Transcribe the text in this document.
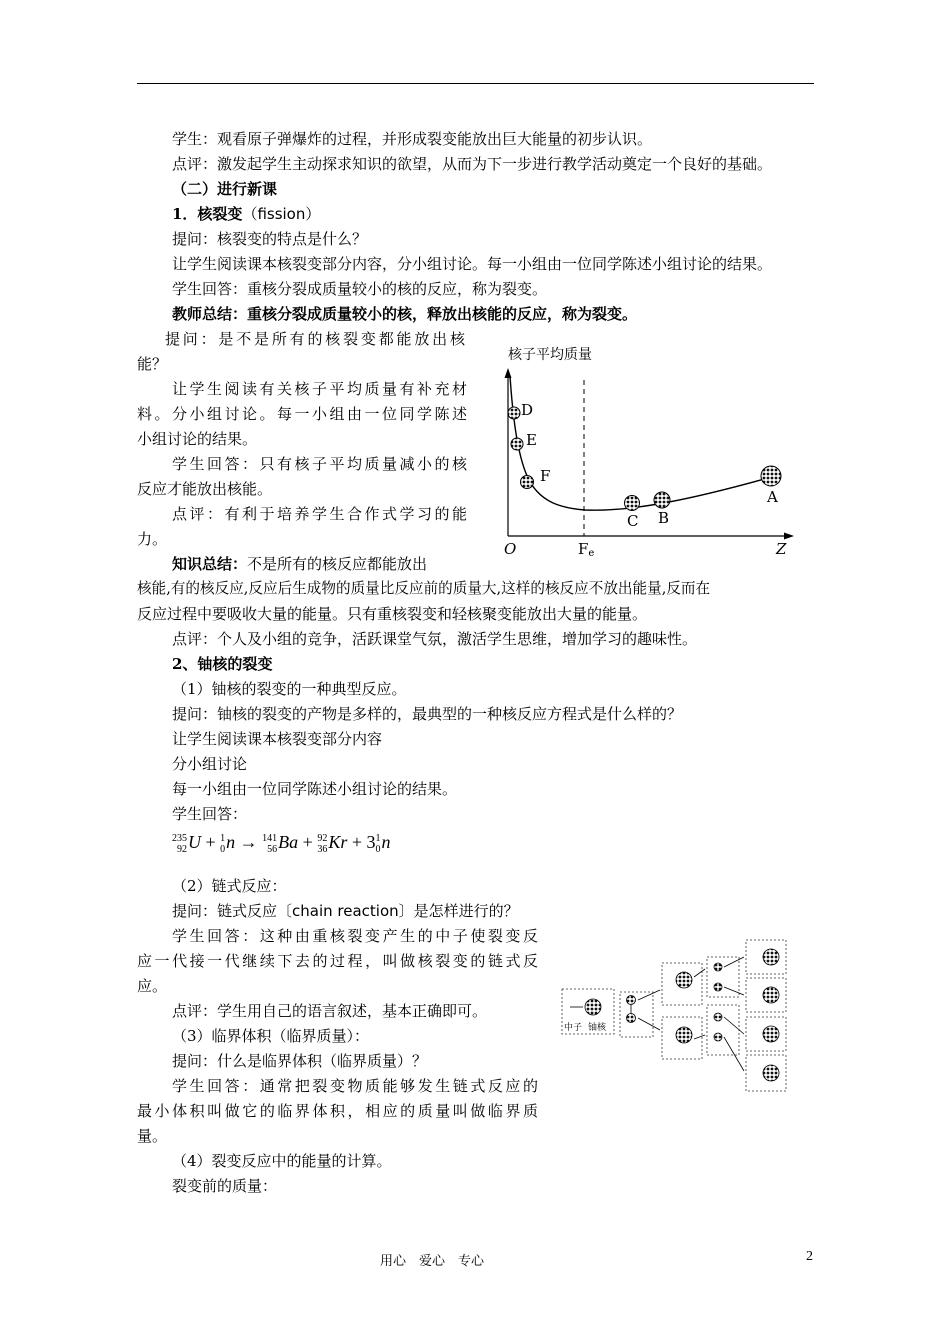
学生：观看原子弹爆炸的过程，并形成裂变能放出巨大能量的初步认识。
点评：激发起学生主动探求知识的欲望，从而为下一步进行教学活动奠定一个良好的基础。
（二）进行新课
1．核裂变（fission）
提问：核裂变的特点是什么？
让学生阅读课本核裂变部分内容，分小组讨论。每一小组由一位同学陈述小组讨论的结果。
学生回答：重核分裂成质量较小的核的反应，称为裂变。
教师总结：重核分裂成质量较小的核，释放出核能的反应，称为裂变。
提问：是不是所有的核裂变都能放出核
能？
让学生阅读有关核子平均质量有补充材
料。分小组讨论。每一小组由一位同学陈述
小组讨论的结果。
学生回答：只有核子平均质量减小的核
反应才能放出核能。
点评：有利于培养学生合作式学习的能
力。
知识总结：不是所有的核反应都能放出
核能,有的核反应,反应后生成物的质量比反应前的质量大,这样的核反应不放出能量,反而在
反应过程中要吸收大量的能量。只有重核裂变和轻核聚变能放出大量的能量。
点评：个人及小组的竞争，活跃课堂气氛，激活学生思维，增加学习的趣味性。
2、铀核的裂变
（1）铀核的裂变的一种典型反应。
提问：铀核的裂变的产物是多样的，最典型的一种核反应方程式是什么样的？
让学生阅读课本核裂变部分内容
分小组讨论
每一小组由一位同学陈述小组讨论的结果。
学生回答：
235
92 U + 1
0 n → 141
56 Ba + 92
36 Kr + 3 1
0 n
（2）链式反应：
提问：链式反应〔chain reaction〕是怎样进行的？
学生回答：这种由重核裂变产生的中子使裂变反
应一代接一代继续下去的过程，叫做核裂变的链式反
应。
点评：学生用自己的语言叙述，基本正确即可。
（3）临界体积（临界质量）：
提问：什么是临界体积（临界质量）？
学生回答：通常把裂变物质能够发生链式反应的
最小体积叫做它的临界体积，相应的质量叫做临界质
量。
（4）裂变反应中的能量的计算。
裂变前的质量：
核子平均质量
D
E
F
C B
A
O	Fe	Z
中子 铀核
用心　爱心　专心	2
